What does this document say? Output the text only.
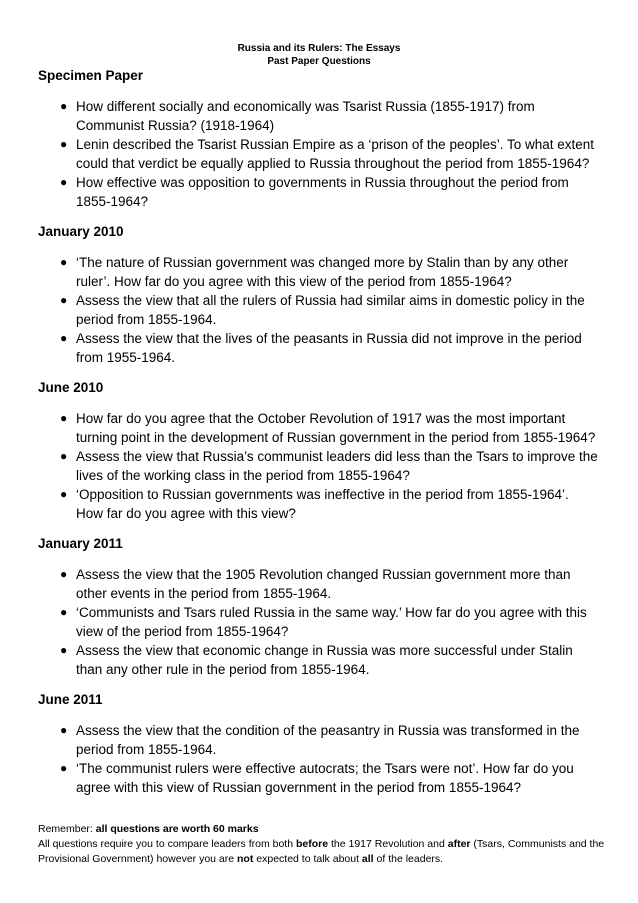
Russia and its Rulers: The Essays
Past Paper Questions
Specimen Paper
● How different socially and economically was Tsarist Russia (1855-1917) from Communist Russia? (1918-1964)
● Lenin described the Tsarist Russian Empire as a ‘prison of the peoples’. To what extent could that verdict be equally applied to Russia throughout the period from 1855-1964?
● How effective was opposition to governments in Russia throughout the period from 1855-1964?
January 2010
● ‘The nature of Russian government was changed more by Stalin than by any other ruler’. How far do you agree with this view of the period from 1855-1964?
● Assess the view that all the rulers of Russia had similar aims in domestic policy in the period from 1855-1964.
● Assess the view that the lives of the peasants in Russia did not improve in the period from 1955-1964.
June 2010
● How far do you agree that the October Revolution of 1917 was the most important turning point in the development of Russian government in the period from 1855-1964?
● Assess the view that Russia’s communist leaders did less than the Tsars to improve the lives of the working class in the period from 1855-1964?
● ‘Opposition to Russian governments was ineffective in the period from 1855-1964’. How far do you agree with this view?
January 2011
● Assess the view that the 1905 Revolution changed Russian government more than other events in the period from 1855-1964.
● ‘Communists and Tsars ruled Russia in the same way.’ How far do you agree with this view of the period from 1855-1964?
● Assess the view that economic change in Russia was more successful under Stalin than any other rule in the period from 1855-1964.
June 2011
● Assess the view that the condition of the peasantry in Russia was transformed in the period from 1855-1964.
● ‘The communist rulers were effective autocrats; the Tsars were not’. How far do you agree with this view of Russian government in the period from 1855-1964?
Remember: all questions are worth 60 marks
All questions require you to compare leaders from both before the 1917 Revolution and after (Tsars, Communists and the Provisional Government) however you are not expected to talk about all of the leaders.
